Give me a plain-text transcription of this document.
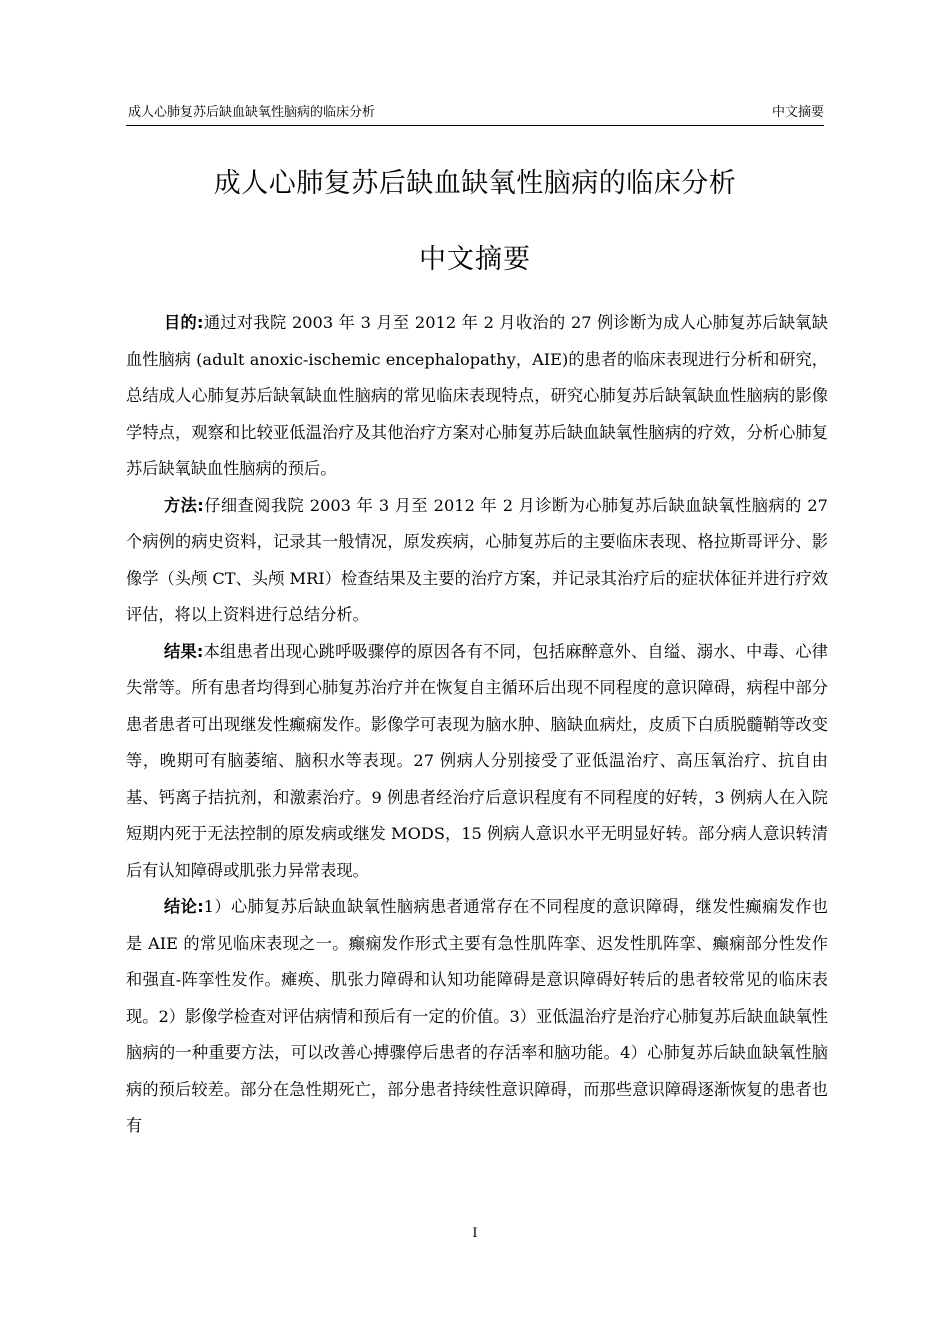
成人心肺复苏后缺血缺氧性脑病的临床分析	中文摘要
成人心肺复苏后缺血缺氧性脑病的临床分析
中文摘要

目的:通过对我院 2003 年 3 月至 2012 年 2 月收治的 27 例诊断为成人心肺复苏后缺氧缺血性脑病 (adult anoxic-ischemic encephalopathy，AIE)的患者的临床表现进行分析和研究，总结成人心肺复苏后缺氧缺血性脑病的常见临床表现特点，研究心肺复苏后缺氧缺血性脑病的影像学特点，观察和比较亚低温治疗及其他治疗方案对心肺复苏后缺血缺氧性脑病的疗效，分析心肺复苏后缺氧缺血性脑病的预后。

方法:仔细查阅我院 2003 年 3 月至 2012 年 2 月诊断为心肺复苏后缺血缺氧性脑病的 27 个病例的病史资料，记录其一般情况，原发疾病，心肺复苏后的主要临床表现、格拉斯哥评分、影像学（头颅 CT、头颅 MRI）检查结果及主要的治疗方案，并记录其治疗后的症状体征并进行疗效评估，将以上资料进行总结分析。

结果:本组患者出现心跳呼吸骤停的原因各有不同，包括麻醉意外、自缢、溺水、中毒、心律失常等。所有患者均得到心肺复苏治疗并在恢复自主循环后出现不同程度的意识障碍，病程中部分患者患者可出现继发性癫痫发作。影像学可表现为脑水肿、脑缺血病灶，皮质下白质脱髓鞘等改变等，晚期可有脑萎缩、脑积水等表现。27 例病人分别接受了亚低温治疗、高压氧治疗、抗自由基、钙离子拮抗剂，和激素治疗。9 例患者经治疗后意识程度有不同程度的好转，3 例病人在入院短期内死于无法控制的原发病或继发 MODS，15 例病人意识水平无明显好转。部分病人意识转清后有认知障碍或肌张力异常表现。

结论:1）心肺复苏后缺血缺氧性脑病患者通常存在不同程度的意识障碍，继发性癫痫发作也是 AIE 的常见临床表现之一。癫痫发作形式主要有急性肌阵挛、迟发性肌阵挛、癫痫部分性发作和强直-阵挛性发作。瘫痪、肌张力障碍和认知功能障碍是意识障碍好转后的患者较常见的临床表现。2）影像学检查对评估病情和预后有一定的价值。3）亚低温治疗是治疗心肺复苏后缺血缺氧性脑病的一种重要方法，可以改善心搏骤停后患者的存活率和脑功能。4）心肺复苏后缺血缺氧性脑病的预后较差。部分在急性期死亡，部分患者持续性意识障碍，而那些意识障碍逐渐恢复的患者也有

I
